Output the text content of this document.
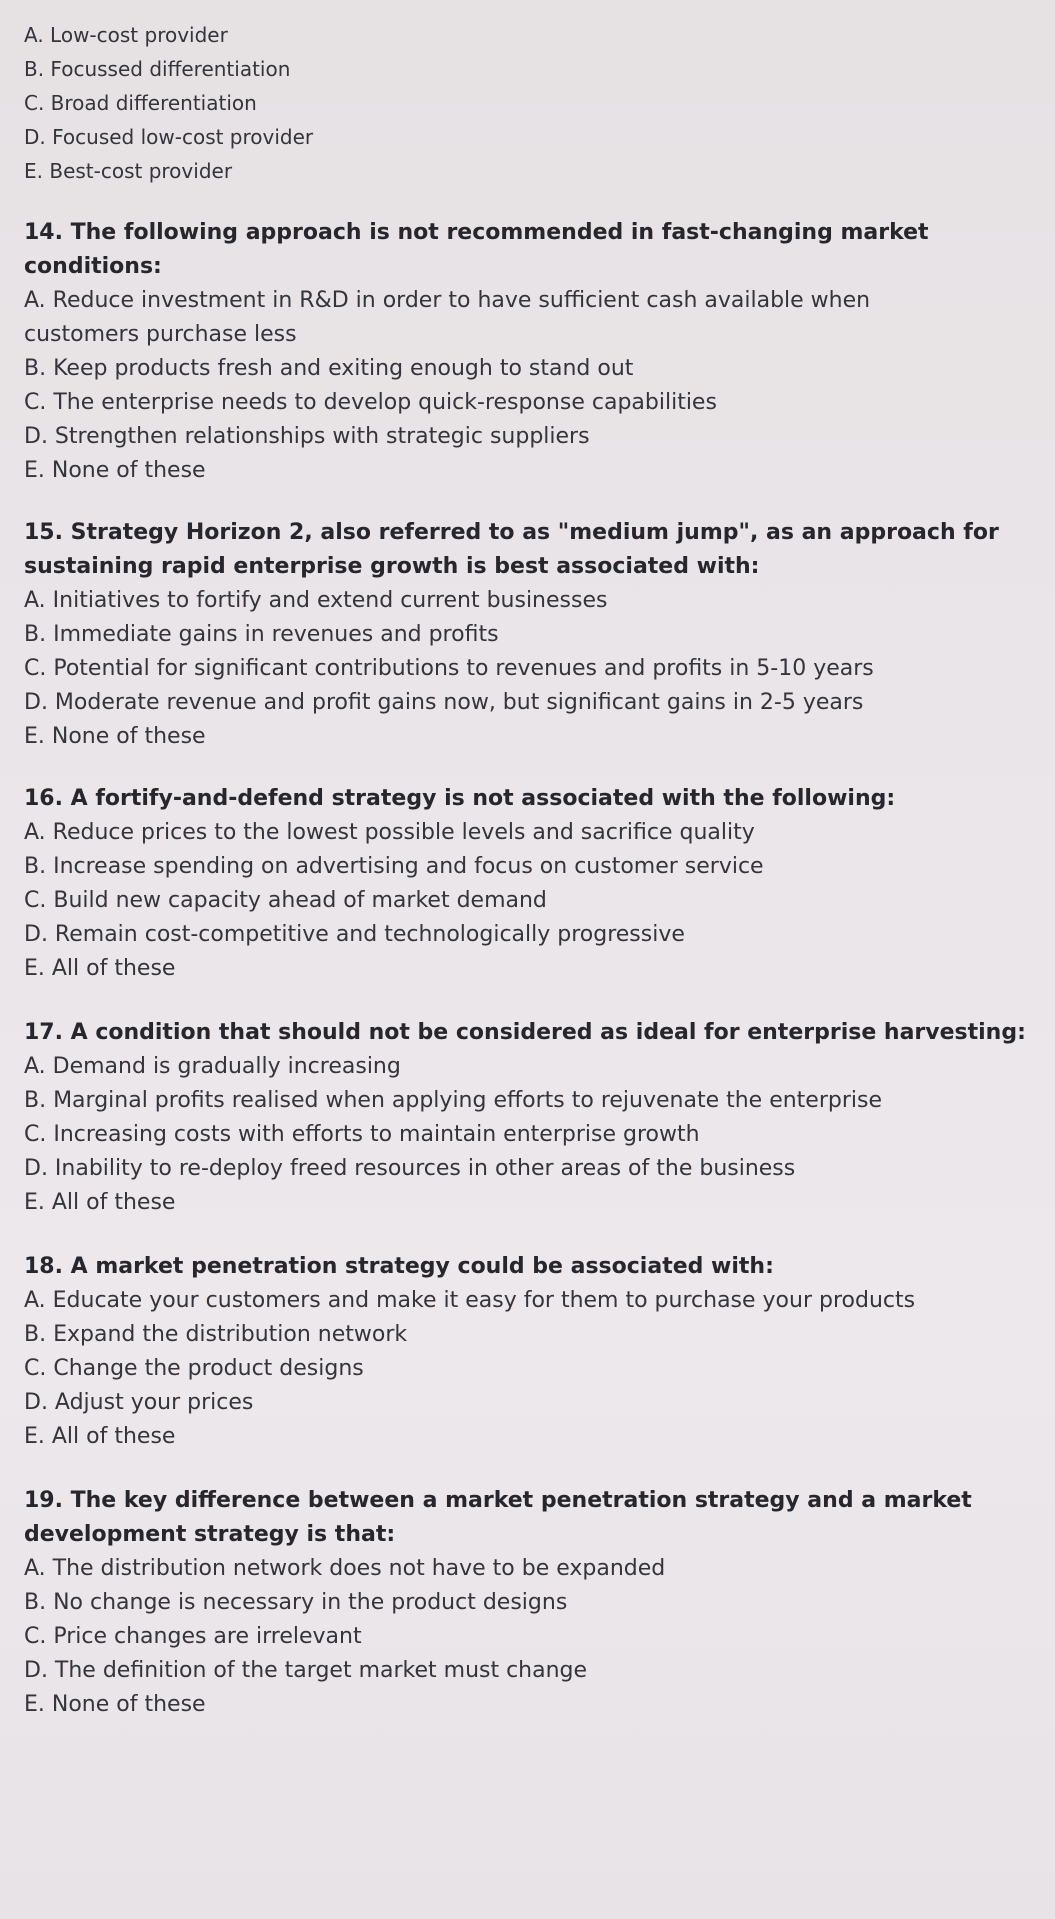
A. Low-cost provider
B. Focussed differentiation
C. Broad differentiation
D. Focused low-cost provider
E. Best-cost provider

14. The following approach is not recommended in fast-changing market conditions:

A. Reduce investment in R&D in order to have sufficient cash available when customers purchase less
B. Keep products fresh and exiting enough to stand out
C. The enterprise needs to develop quick-response capabilities
D. Strengthen relationships with strategic suppliers
E. None of these

15. Strategy Horizon 2, also referred to as "medium jump", as an approach for sustaining rapid enterprise growth is best associated with:

A. Initiatives to fortify and extend current businesses
B. Immediate gains in revenues and profits
C. Potential for significant contributions to revenues and profits in 5-10 years
D. Moderate revenue and profit gains now, but significant gains in 2-5 years
E. None of these

16. A fortify-and-defend strategy is not associated with the following:

A. Reduce prices to the lowest possible levels and sacrifice quality
B. Increase spending on advertising and focus on customer service
C. Build new capacity ahead of market demand
D. Remain cost-competitive and technologically progressive
E. All of these

17. A condition that should not be considered as ideal for enterprise harvesting:

A. Demand is gradually increasing
B. Marginal profits realised when applying efforts to rejuvenate the enterprise
C. Increasing costs with efforts to maintain enterprise growth
D. Inability to re-deploy freed resources in other areas of the business
E. All of these

18. A market penetration strategy could be associated with:

A. Educate your customers and make it easy for them to purchase your products
B. Expand the distribution network
C. Change the product designs
D. Adjust your prices
E. All of these

19. The key difference between a market penetration strategy and a market development strategy is that:

A. The distribution network does not have to be expanded
B. No change is necessary in the product designs
C. Price changes are irrelevant
D. The definition of the target market must change
E. None of these
